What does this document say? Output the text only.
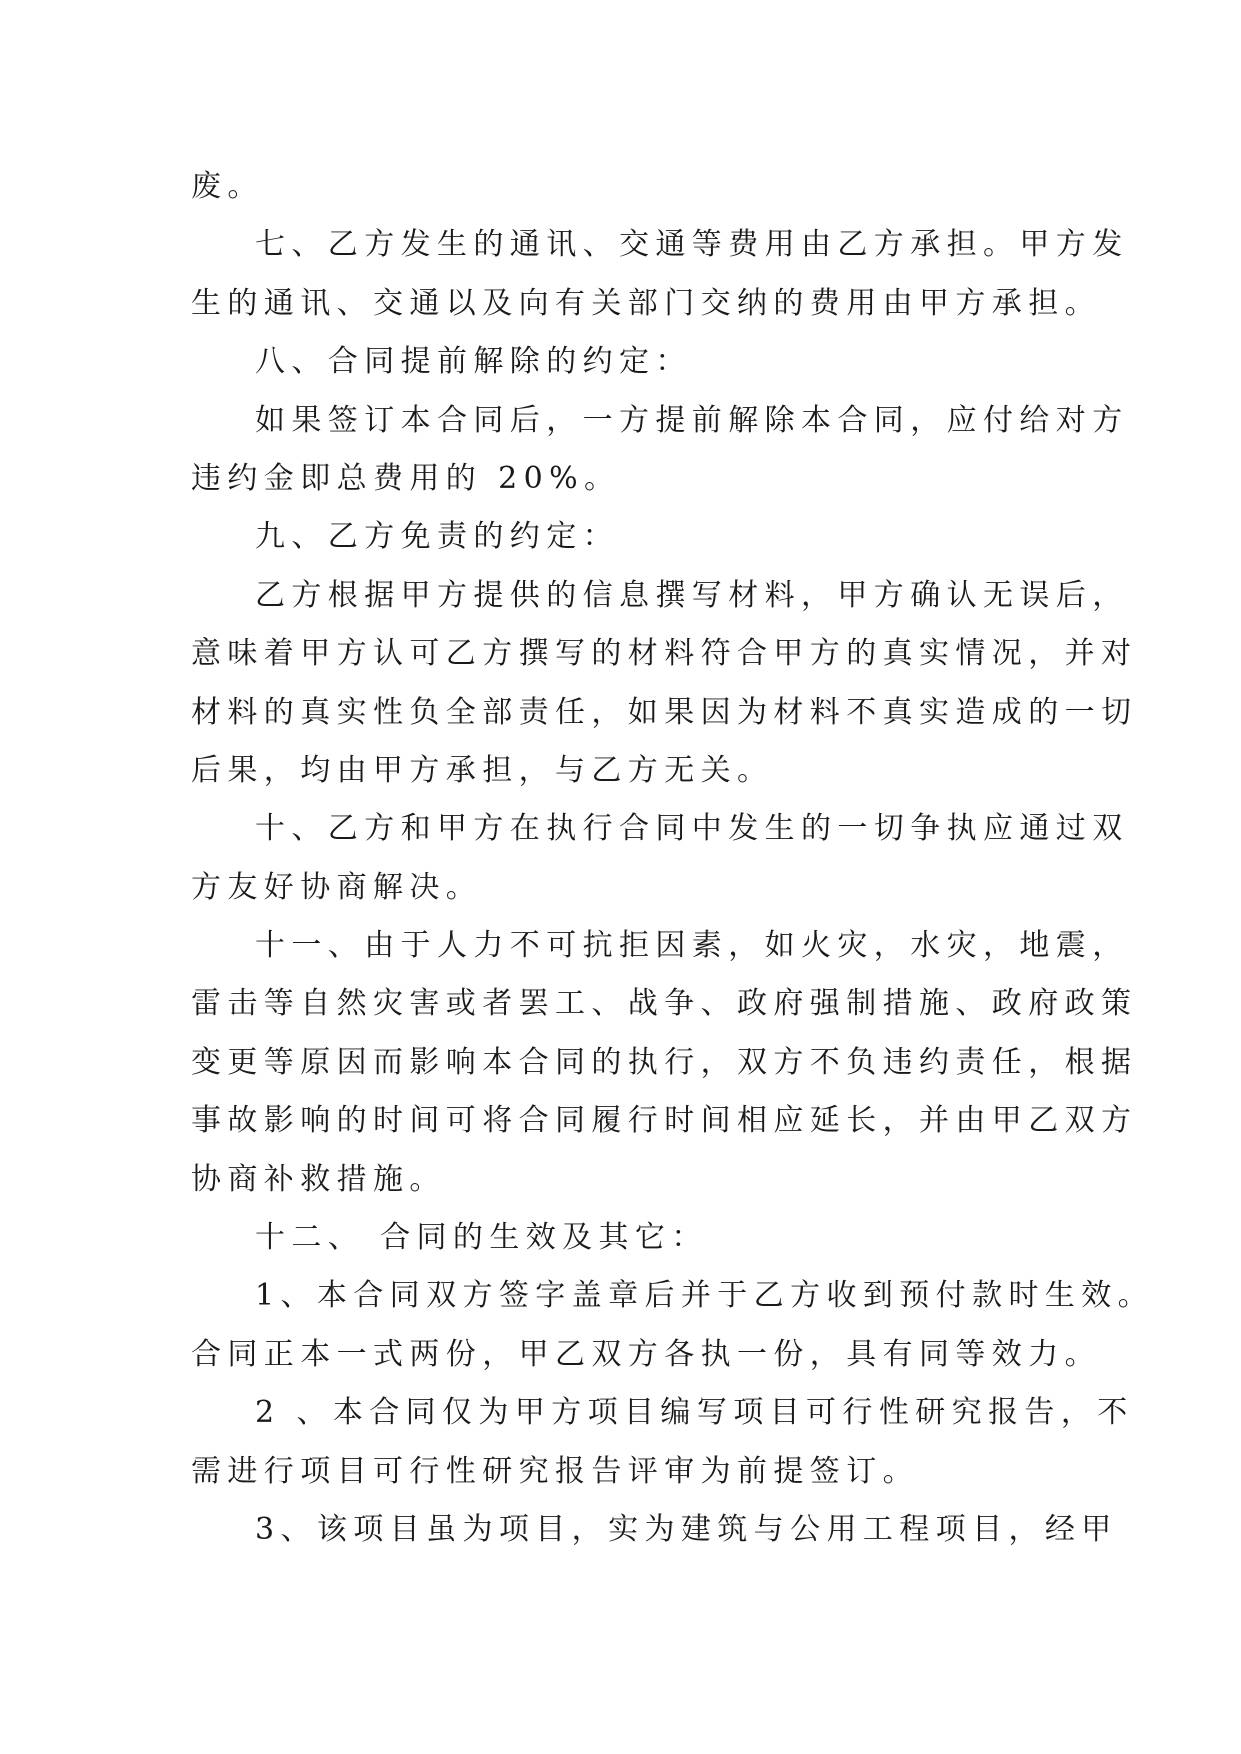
废。
七、乙方发生的通讯、交通等费用由乙方承担。甲方发
生的通讯、交通以及向有关部门交纳的费用由甲方承担。
八、合同提前解除的约定：
如果签订本合同后，一方提前解除本合同，应付给对方
违约金即总费用的 20%。
九、乙方免责的约定：
乙方根据甲方提供的信息撰写材料，甲方确认无误后，
意味着甲方认可乙方撰写的材料符合甲方的真实情况，并对
材料的真实性负全部责任，如果因为材料不真实造成的一切
后果，均由甲方承担，与乙方无关。
十、乙方和甲方在执行合同中发生的一切争执应通过双
方友好协商解决。
十一、由于人力不可抗拒因素，如火灾，水灾，地震，
雷击等自然灾害或者罢工、战争、政府强制措施、政府政策
变更等原因而影响本合同的执行，双方不负违约责任，根据
事故影响的时间可将合同履行时间相应延长，并由甲乙双方
协商补救措施。
十二、 合同的生效及其它：
1、本合同双方签字盖章后并于乙方收到预付款时生效。
合同正本一式两份，甲乙双方各执一份，具有同等效力。
2 、本合同仅为甲方项目编写项目可行性研究报告，不
需进行项目可行性研究报告评审为前提签订。
3、该项目虽为项目，实为建筑与公用工程项目，经甲
